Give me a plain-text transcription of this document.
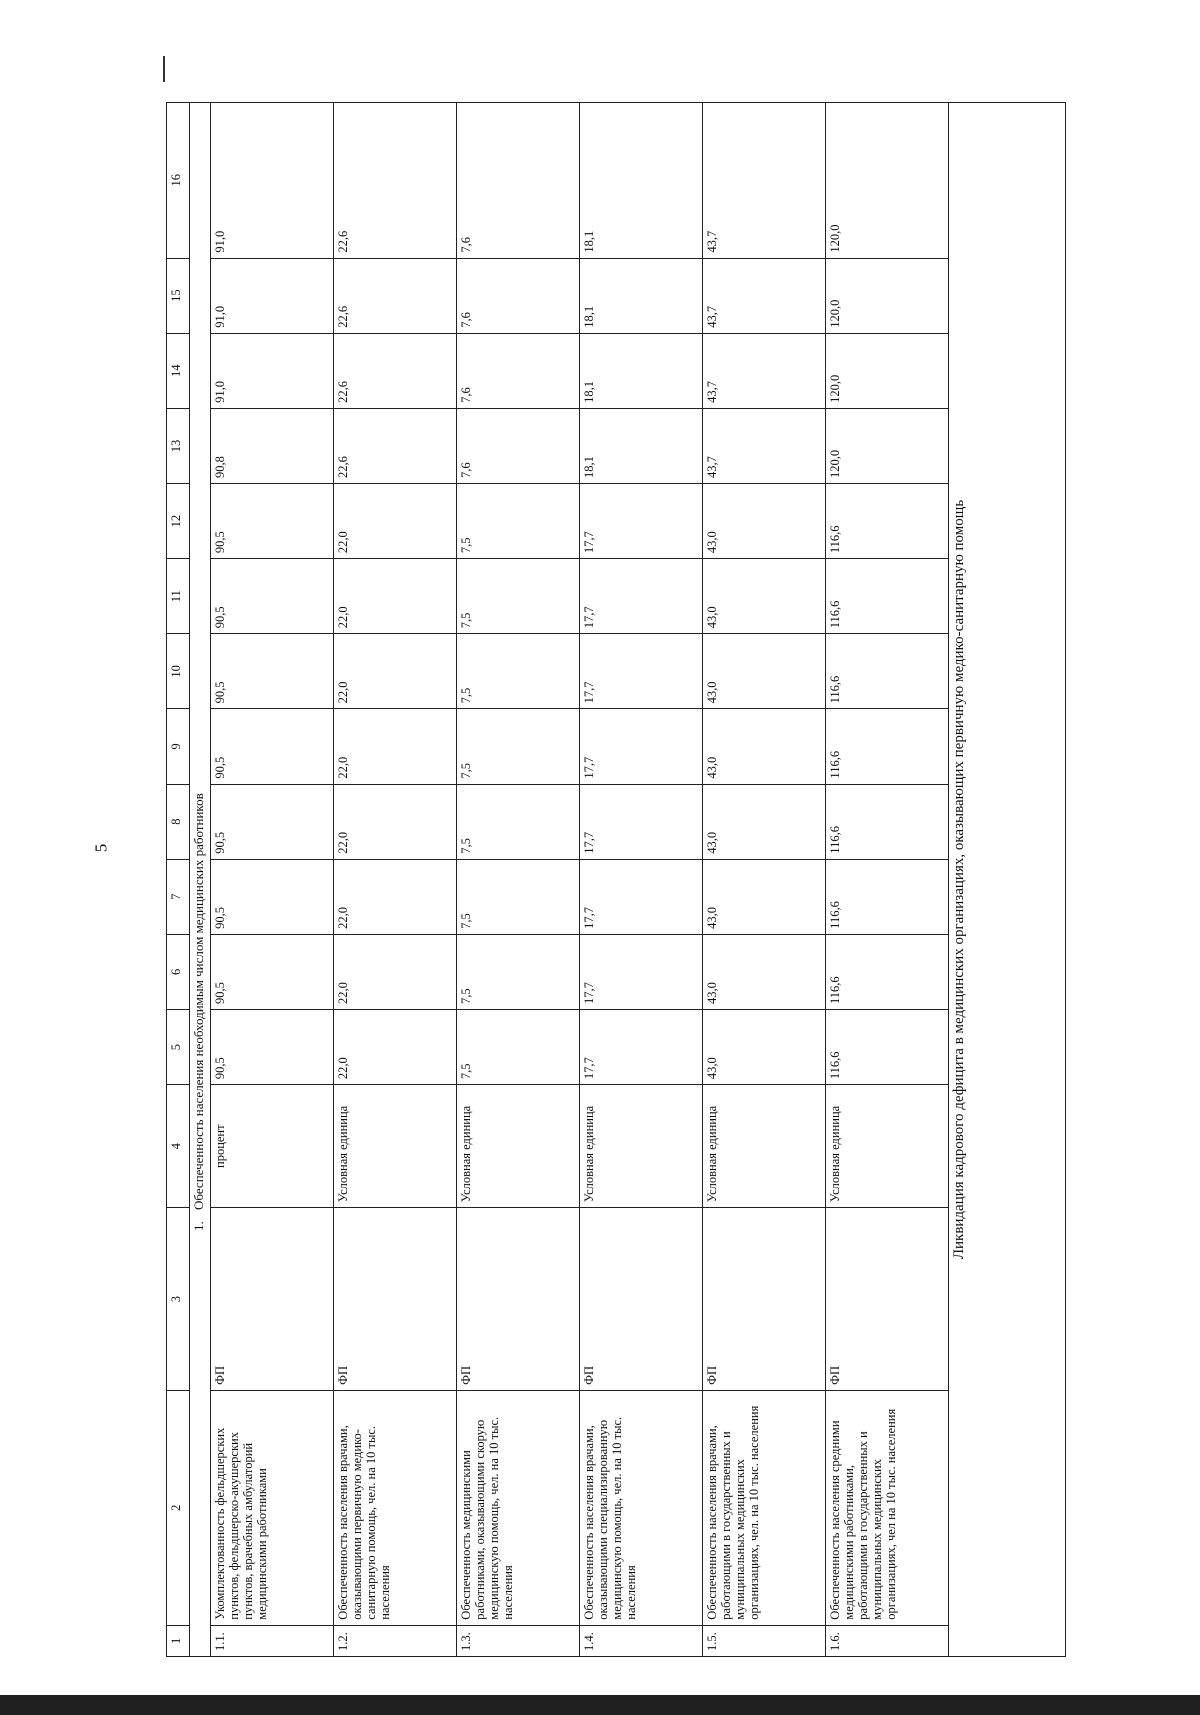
5
1	2	3	4	5	6	7	8	9	10	11	12	13	14	15	16
1. Обеспеченность населения необходимым числом медицинских работников															
1.1.	Укомплектованность фельдшерских пунктов, фельдшерско-акушерских пунктов, врачебных амбулаторий медицинскими работниками	ФП	процент	90,5	90,5	90,5	90,5	90,5	90,5	90,5	90,5	90,8	91,0	91,0	91,0
1.2.	Обеспеченность населения врачами, оказывающими первичную медико-санитарную помощь, чел. на 10 тыс. населения	ФП	Условная единица	22,0	22,0	22,0	22,0	22,0	22,0	22,0	22,0	22,6	22,6	22,6	22,6
1.3.	Обеспеченность медицинскими работниками, оказывающими скорую медицинскую помощь, чел. на 10 тыс. населения	ФП	Условная единица	7,5	7,5	7,5	7,5	7,5	7,5	7,5	7,5	7,6	7,6	7,6	7,6
1.4.	Обеспеченность населения врачами, оказывающими специализированную медицинскую помощь, чел. на 10 тыс. населения	ФП	Условная единица	17,7	17,7	17,7	17,7	17,7	17,7	17,7	17,7	18,1	18,1	18,1	18,1
1.5.	Обеспеченность населения врачами, работающими в государственных и муниципальных медицинских организациях, чел. на 10 тыс. населения	ФП	Условная единица	43,0	43,0	43,0	43,0	43,0	43,0	43,0	43,0	43,7	43,7	43,7	43,7
1.6.	Обеспеченность населения средними медицинскими работниками, работающими в государственных и муниципальных медицинских организациях, чел на 10 тыс. населения	ФП	Условная единица	116,6	116,6	116,6	116,6	116,6	116,6	116,6	116,6	120,0	120,0	120,0	120,0

Ликвидация кадрового дефицита в медицинских организациях, оказывающих первичную медико-санитарную помощь															
